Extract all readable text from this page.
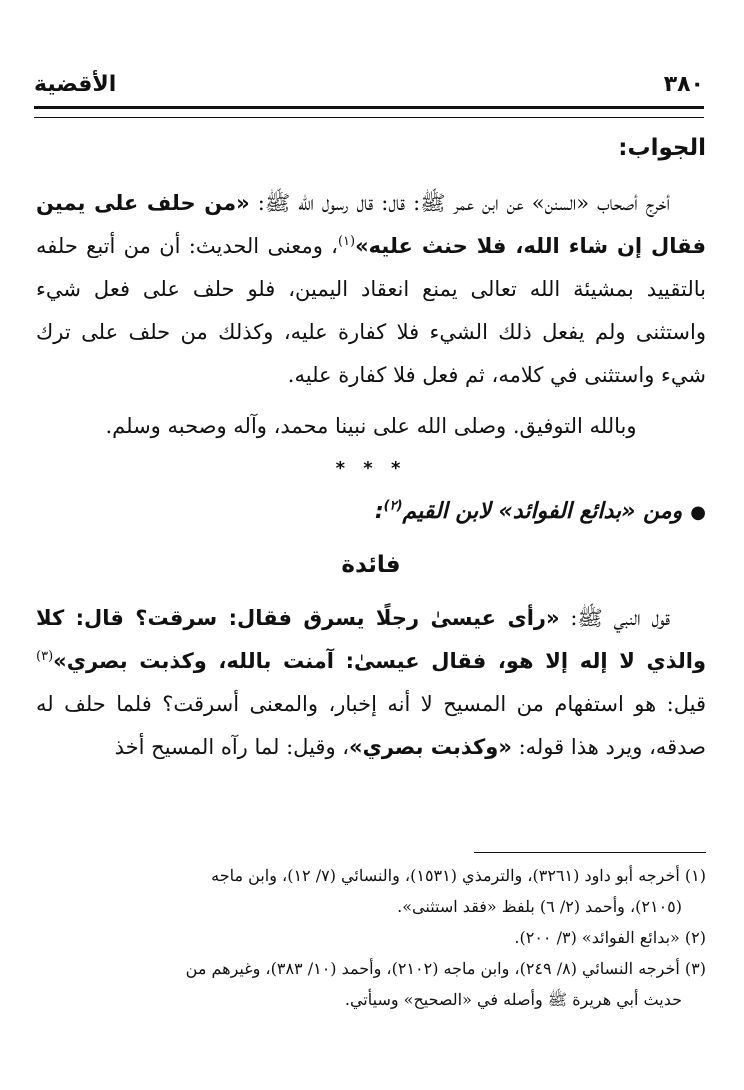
٣٨٠
الأقضية
الجواب:

أخرج أصحاب «السنن» عن ابن عمر ﷺ: قال: قال رسول الله ﷺ: «من حلف على يمين فقال إن شاء الله، فلا حنث عليه»$^{(١)}$، ومعنى الحديث: أن من أتبع حلفه بالتقييد بمشيئة الله تعالى يمنع انعقاد اليمين، فلو حلف على فعل شيء واستثنى ولم يفعل ذلك الشيء فلا كفارة عليه، وكذلك من حلف على ترك شيء واستثنى في كلامه، ثم فعل فلا كفارة عليه.

وبالله التوفيق. وصلى الله على نبينا محمد، وآله وصحبه وسلم.

* * *

●ومن «بدائع الفوائد» لابن القيم$^{(٢)}$:

فائدة

قول النبي ﷺ: «رأى عيسىٰ رجلًا يسرق فقال: سرقت؟ قال: كلا والذي لا إله إلا هو، فقال عيسىٰ: آمنت بالله، وكذبت بصري»$^{(٣)}$ قيل: هو استفهام من المسيح لا أنه إخبار، والمعنى أسرقت؟ فلما حلف له صدقه، ويرد هذا قوله: «وكذبت بصري»، وقيل: لما رآه المسيح أخذ

(١) أخرجه أبو داود (٣٢٦١)، والترمذي (١٥٣١)، والنسائي (٧/ ١٢)، وابن ماجه
(٢١٠٥)، وأحمد (٢/ ٦) بلفظ «فقد استثنى».

(٢) «بدائع الفوائد» (٣/ ٢٠٠).

(٣) أخرجه النسائي (٨/ ٢٤٩)، وابن ماجه (٢١٠٢)، وأحمد (١٠/ ٣٨٣)، وغيرهم من
حديث أبي هريرة ﷺ وأصله في «الصحيح» وسيأتي.
